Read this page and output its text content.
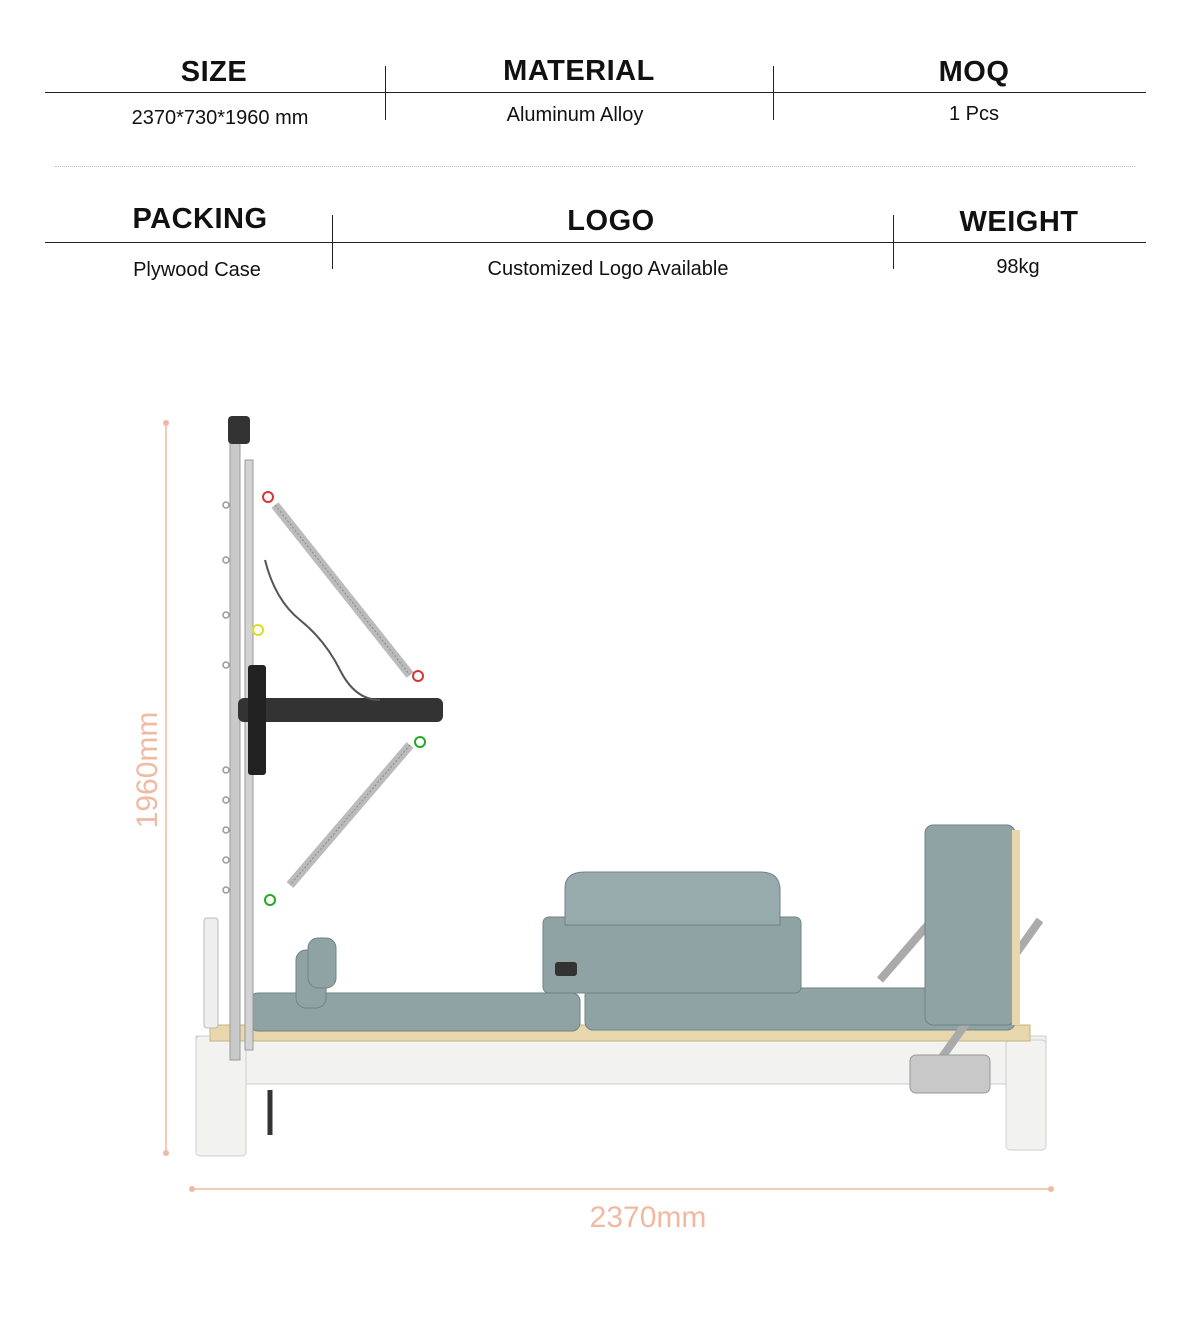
SIZE
2370*730*1960 mm
MATERIAL
Aluminum Alloy
MOQ
1 Pcs
PACKING
Plywood Case
LOGO
Customized Logo Available
WEIGHT
98kg
1960mm
2370mm
